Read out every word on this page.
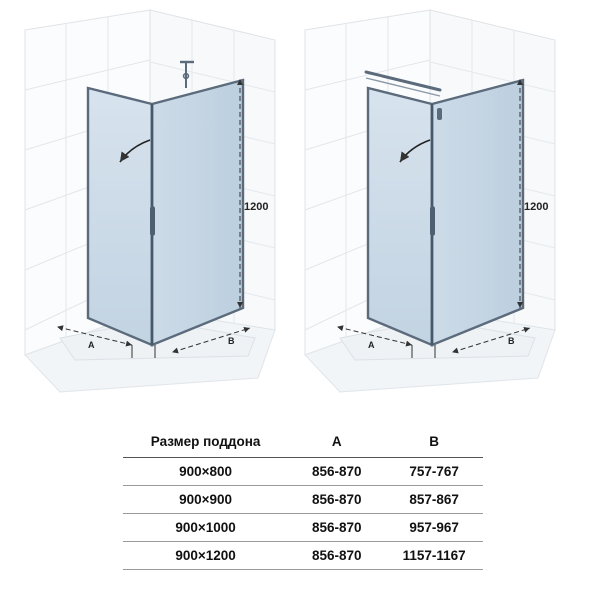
1200
A	B
1200
A	B
Размер поддона	A	B
900×800	856-870	757-767
900×900	856-870	857-867
900×1000	856-870	957-967
900×1200	856-870	1157-1167
